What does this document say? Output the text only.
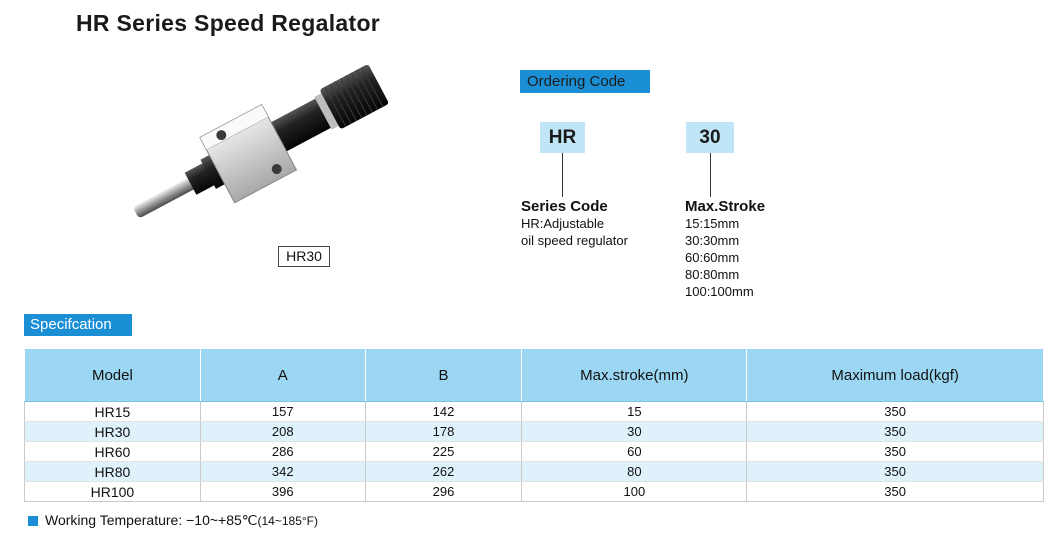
HR Series Speed Regalator
HR30
Ordering Code
HR	30
Series Code
HR:Adjustable
oil speed regulator
Max.Stroke
15:15mm
30:30mm
60:60mm
80:80mm
100:100mm
Specifcation
Model	A	B	Max.stroke(mm)	Maximum load(kgf)
HR15	157	142	15	350
HR30	208	178	30	350
HR60	286	225	60	350
HR80	342	262	80	350
HR100	396	296	100	350
Working Temperature: −10~+85℃(14~185°F)
